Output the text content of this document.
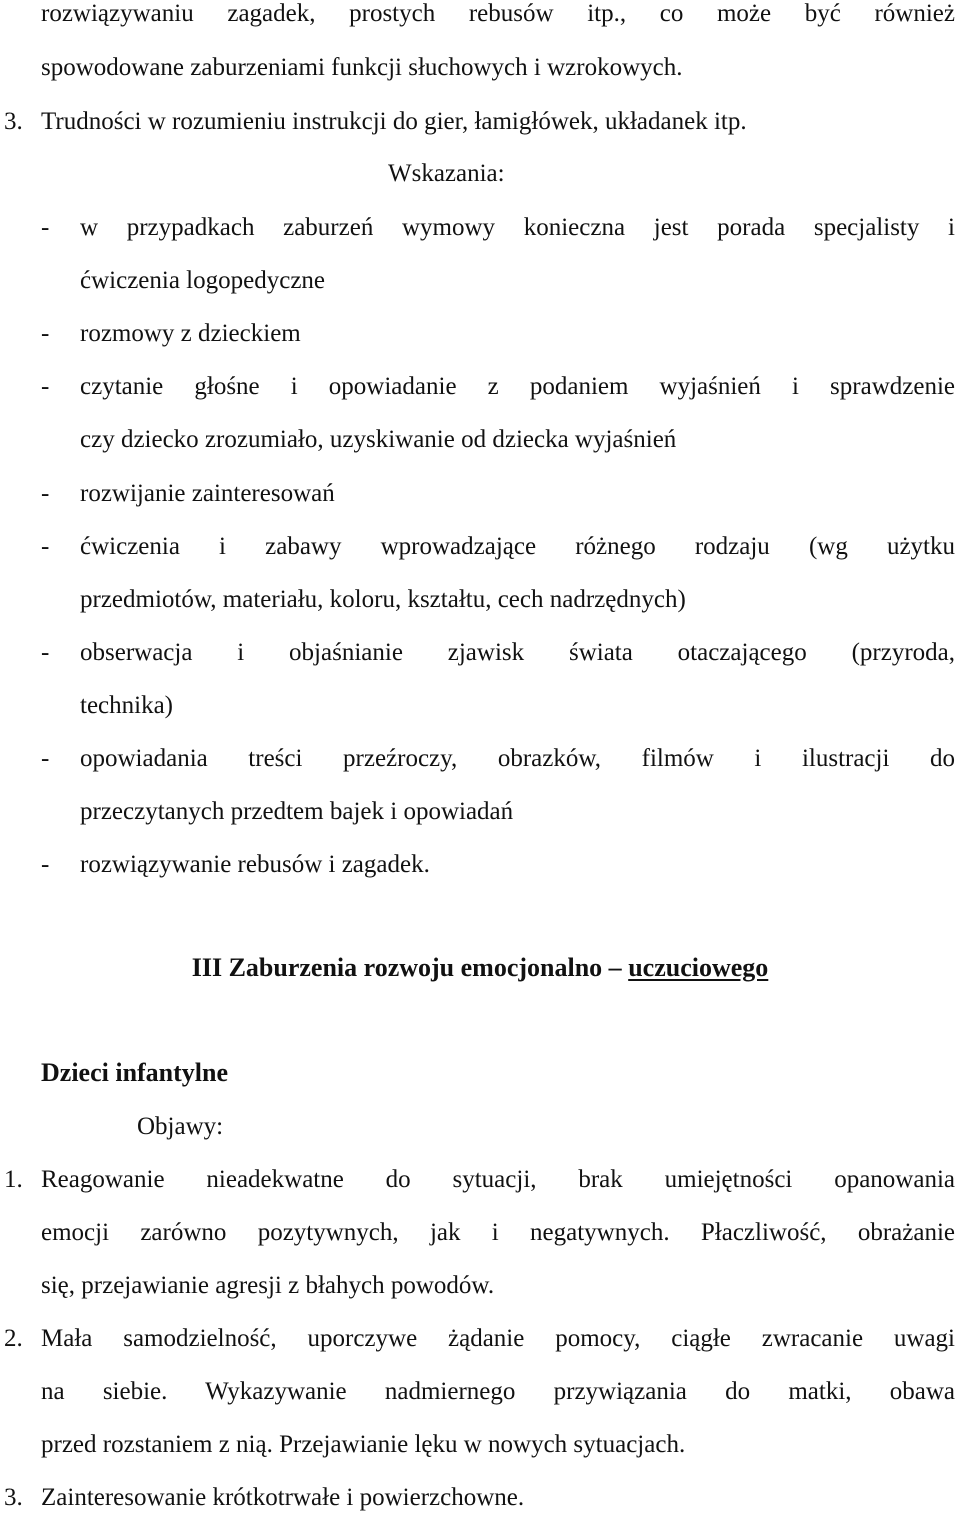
rozwiązywaniu zagadek, prostych rebusów itp., co może być również
spowodowane zaburzeniami funkcji słuchowych i wzrokowych.
3. Trudności w rozumieniu instrukcji do gier, łamigłówek, układanek itp.
Wskazania:
- w przypadkach zaburzeń wymowy konieczna jest porada specjalisty i
ćwiczenia logopedyczne
- rozmowy z dzieckiem
- czytanie głośne i opowiadanie z podaniem wyjaśnień i sprawdzenie
czy dziecko zrozumiało, uzyskiwanie od dziecka wyjaśnień
- rozwijanie zainteresowań
- ćwiczenia i zabawy wprowadzające różnego rodzaju (wg użytku
przedmiotów, materiału, koloru, kształtu, cech nadrzędnych)
- obserwacja i objaśnianie zjawisk świata otaczającego (przyroda,
technika)
- opowiadania treści przeźroczy, obrazków, filmów i ilustracji do
przeczytanych przedtem bajek i opowiadań
- rozwiązywanie rebusów i zagadek.
III Zaburzenia rozwoju emocjonalno – uczuciowego
Dzieci infantylne
Objawy:
1. Reagowanie nieadekwatne do sytuacji, brak umiejętności opanowania
emocji zarówno pozytywnych, jak i negatywnych. Płaczliwość, obrażanie
się, przejawianie agresji z błahych powodów.
2. Mała samodzielność, uporczywe żądanie pomocy, ciągłe zwracanie uwagi
na siebie. Wykazywanie nadmiernego przywiązania do matki, obawa
przed rozstaniem z nią. Przejawianie lęku w nowych sytuacjach.
3. Zainteresowanie krótkotrwałe i powierzchowne.
